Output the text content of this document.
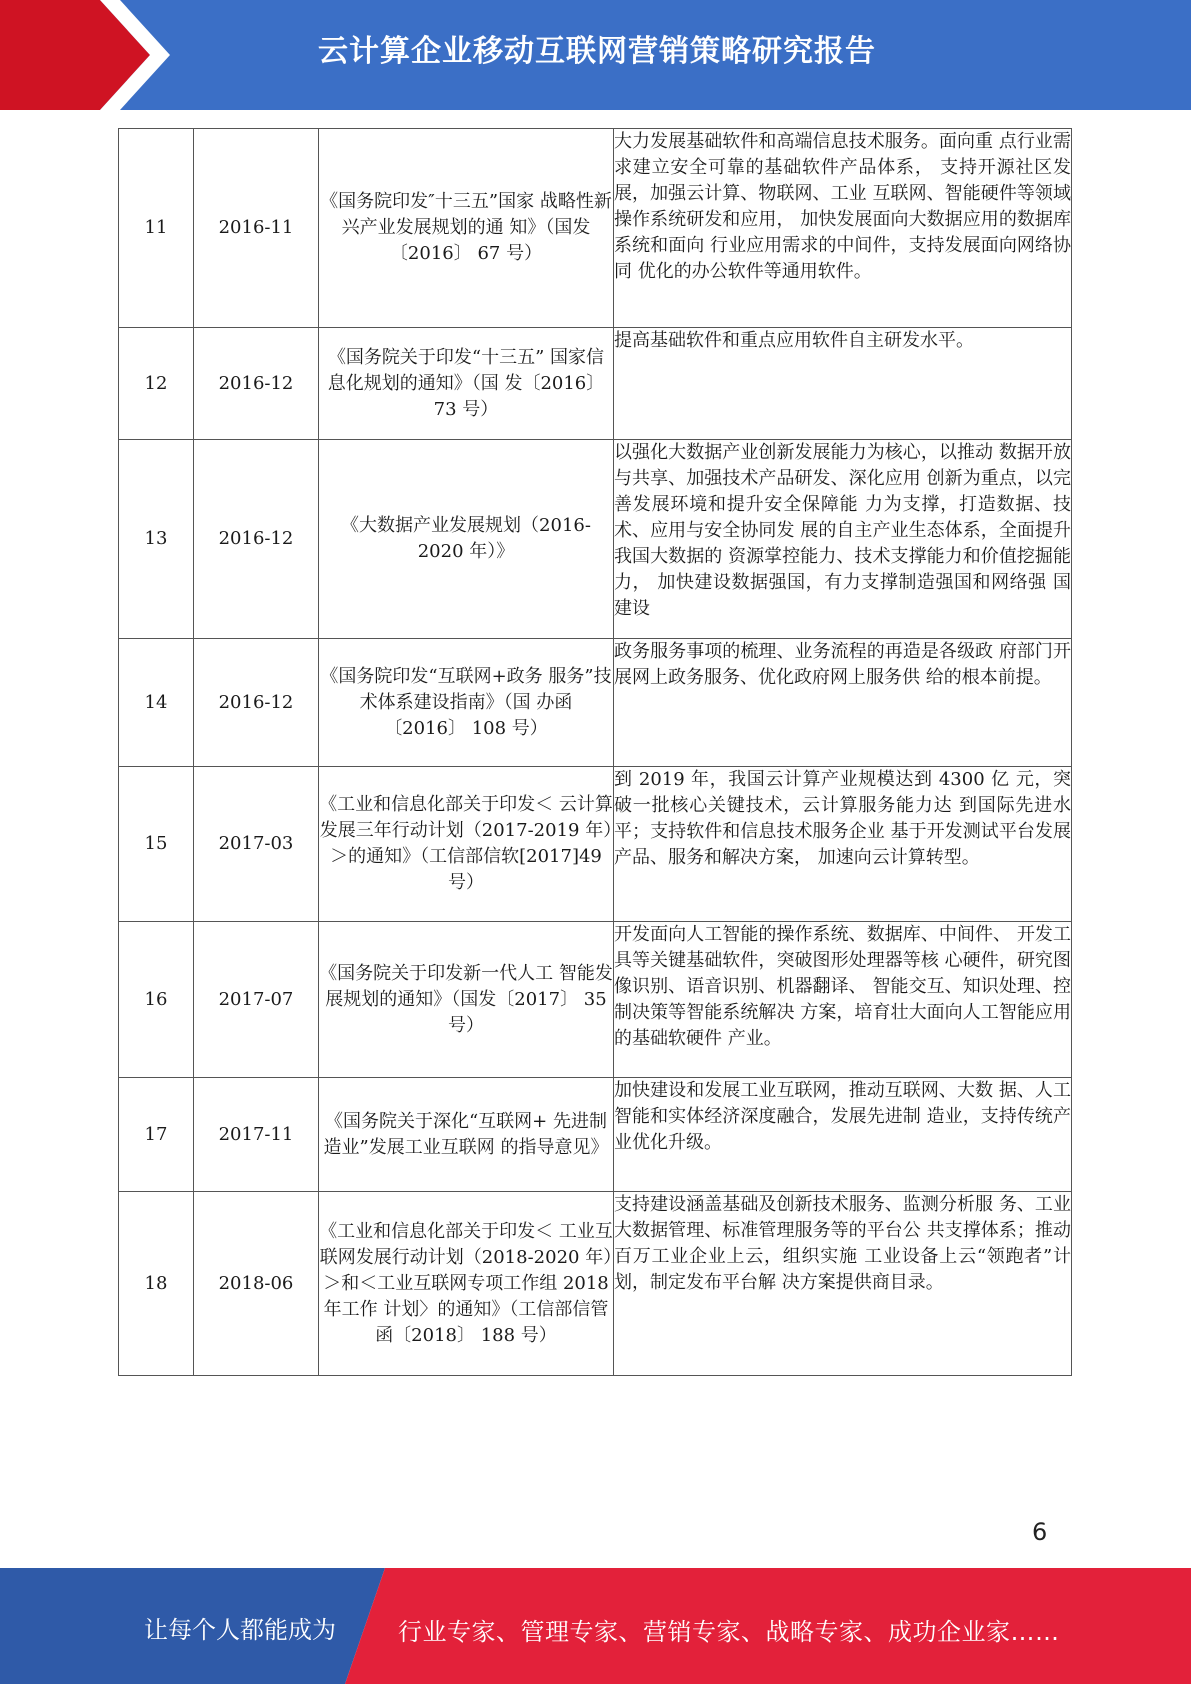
云计算企业移动互联网营销策略研究报告
11	2016-11	《国务院印发″十三五”国家 战略性新兴产业发展规划的通 知》（国发〔2016〕 67 号）	大力发展基础软件和高端信息技术服务。面向重 点行业需求建立安全可靠的基础软件产品体系， 支持开源社区发展，加强云计算、物联网、工业 互联网、智能硬件等领域操作系统研发和应用， 加快发展面向大数据应用的数据库系统和面向 行业应用需求的中间件，支持发展面向网络协同 优化的办公软件等通用软件。
12	2016-12	《国务院关于印发“十三五” 国家信息化规划的通知》（国 发〔2016〕 73 号）	提高基础软件和重点应用软件自主研发水平。
13	2016-12	《大数据产业发展规划（2016-2020 年）》	以强化大数据产业创新发展能力为核心，以推动 数据开放与共享、加强技术产品研发、深化应用 创新为重点，以完善发展环境和提升安全保障能 力为支撑，打造数据、技术、应用与安全协同发 展的自主产业生态体系，全面提升我国大数据的 资源掌控能力、技术支撑能力和价值挖掘能力， 加快建设数据强国，有力支撑制造强国和网络强 国建设
14	2016-12	《国务院印发“互联网+政务 服务”技术体系建设指南》（国 办函〔2016〕 108 号）	政务服务事项的梳理、业务流程的再造是各级政 府部门开展网上政务服务、优化政府网上服务供 给的根本前提。
15	2017-03	《工业和信息化部关于印发＜ 云计算发展三年行动计划（2017-2019 年）＞的通知》（工信部信软[2017]49 号）	到 2019 年，我国云计算产业规模达到 4300 亿 元，突破一批核心关键技术，云计算服务能力达 到国际先进水平；支持软件和信息技术服务企业 基于开发测试平台发展产品、服务和解决方案， 加速向云计算转型。
16	2017-07	《国务院关于印发新一代人工 智能发展规划的通知》（国发〔2017〕 35 号）	开发面向人工智能的操作系统、数据库、中间件、 开发工具等关键基础软件，突破图形处理器等核 心硬件，研究图像识别、语音识别、机器翻译、 智能交互、知识处理、控制决策等智能系统解决 方案，培育壮大面向人工智能应用的基础软硬件 产业。
17	2017-11	《国务院关于深化“互联网+ 先进制造业”发展工业互联网 的指导意见》	加快建设和发展工业互联网，推动互联网、大数 据、人工智能和实体经济深度融合，发展先进制 造业，支持传统产业优化升级。
18	2018-06	《工业和信息化部关于印发＜ 工业互联网发展行动计划（2018-2020 年）＞和＜工业互联网专项工作组 2018 年工作 计划〉的通知》（工信部信管函〔2018〕 188 号）	支持建设涵盖基础及创新技术服务、监测分析服 务、工业大数据管理、标准管理服务等的平台公 共支撑体系；推动百万工业企业上云，组织实施 工业设备上云“领跑者”计划，制定发布平台解 决方案提供商目录。
6
让每个人都能成为	行业专家、管理专家、营销专家、战略专家、成功企业家……
